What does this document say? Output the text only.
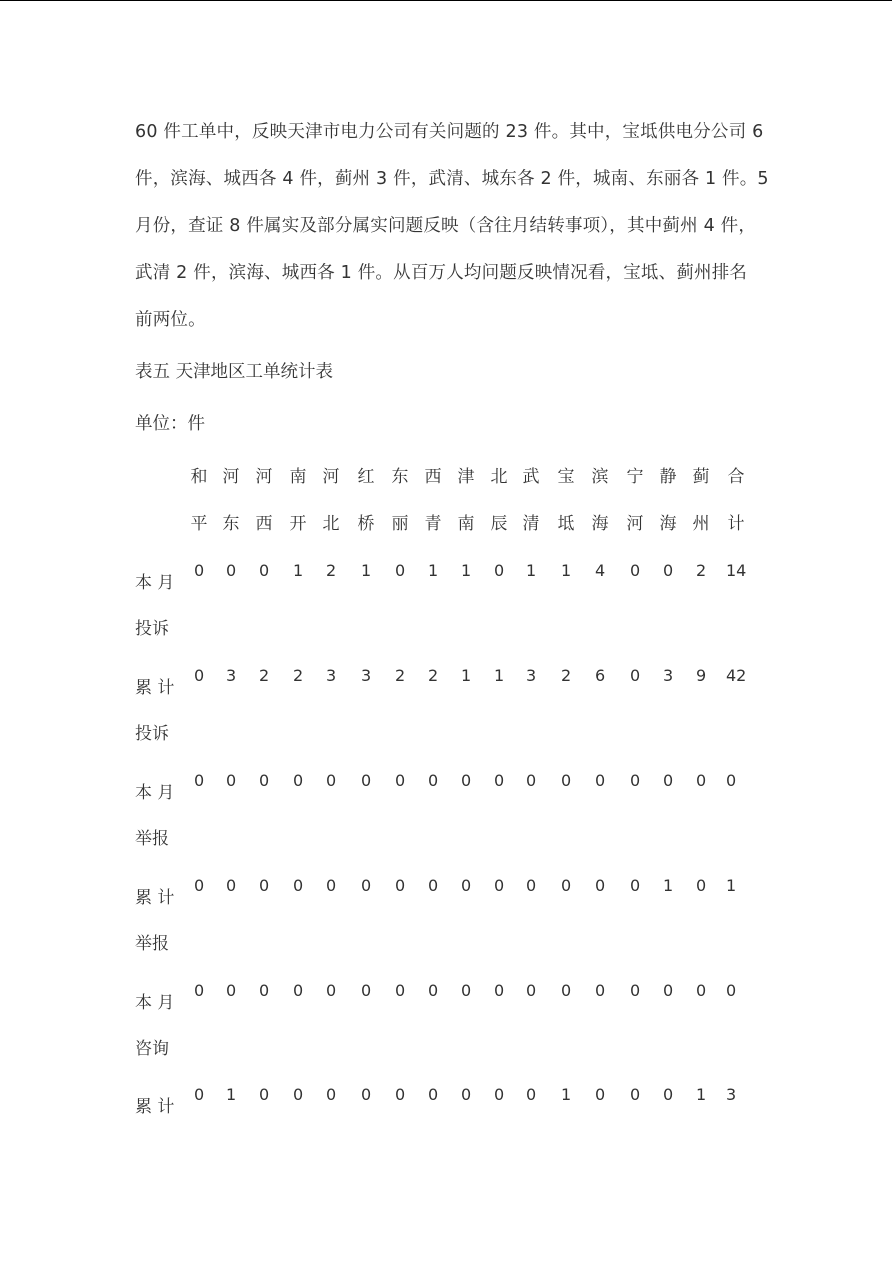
60 件工单中，反映天津市电力公司有关问题的 23 件。其中，宝坻供电分公司 6
件，滨海、城西各 4 件，蓟州 3 件，武清、城东各 2 件，城南、东丽各 1 件。5
月份，查证 8 件属实及部分属实问题反映（含往月结转事项），其中蓟州 4 件，
武清 2 件，滨海、城西各 1 件。从百万人均问题反映情况看，宝坻、蓟州排名
前两位。
表五 天津地区工单统计表
单位：件
和
平
河
东
河
西
南
开
河
北
红
桥
东
丽
西
青
津
南
北
辰
武
清
宝
坻
滨
海
宁
河
静
海
蓟
州
合
计
本 月
投诉
0 0 0 1 2 1 0 1 1 0 1 1 4 0 0 2 14
累 计
投诉
0 3 2 2 3 3 2 2 1 1 3 2 6 0 3 9 42
本 月
举报
0 0 0 0 0 0 0 0 0 0 0 0 0 0 0 0 0
累 计
举报
0 0 0 0 0 0 0 0 0 0 0 0 0 0 1 0 1
本 月
咨询
0 0 0 0 0 0 0 0 0 0 0 0 0 0 0 0 0
累 计
0 1 0 0 0 0 0 0 0 0 0 1 0 0 0 1 3
